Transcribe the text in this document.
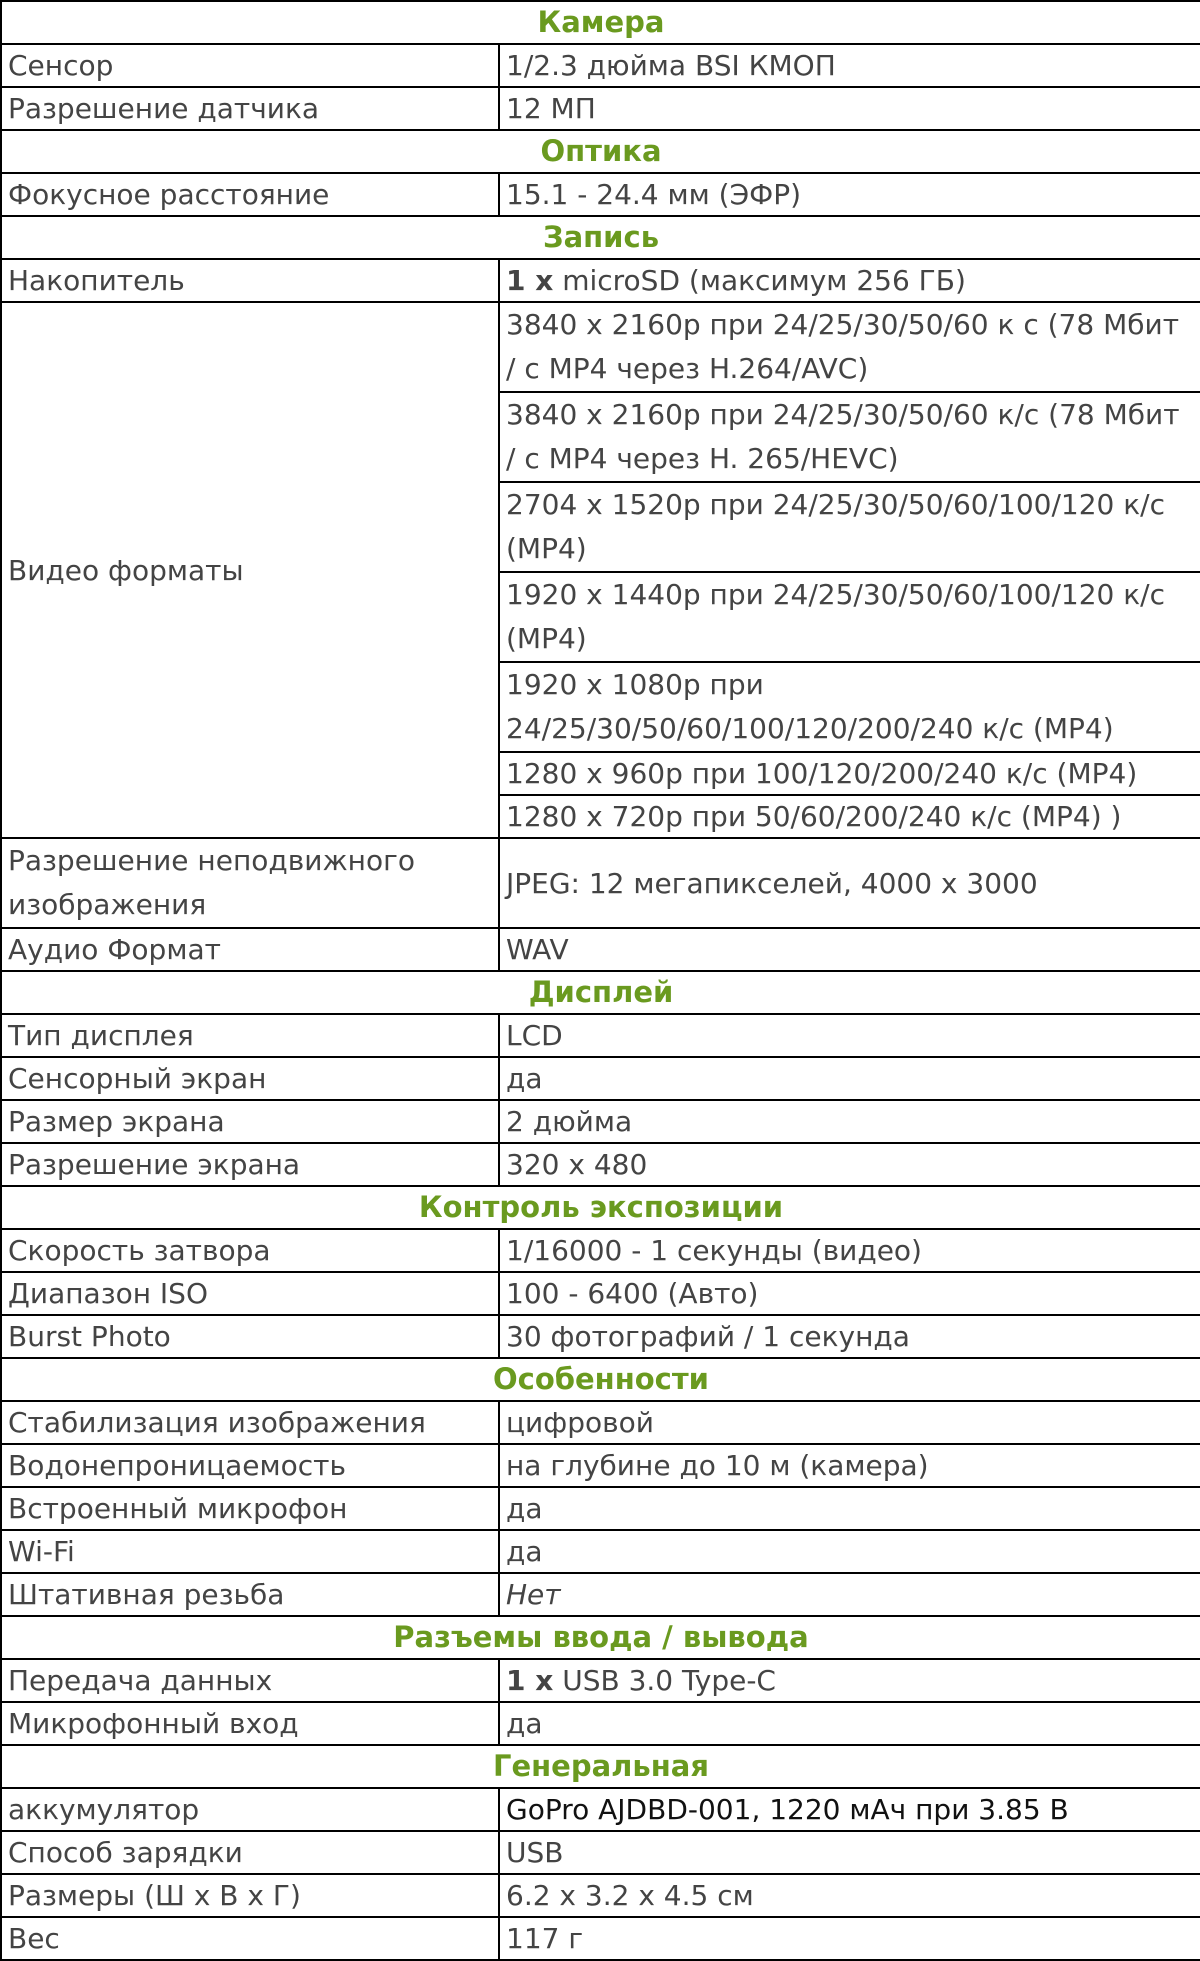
Камера	
Сенсор	1/2.3 дюйма BSI КМОП
Разрешение датчика	12 МП
Оптика	
Фокусное расстояние	15.1 - 24.4 мм (ЭФР)
Запись	
Накопитель	1 x microSD (максимум 256 ГБ)
Видео форматы	3840 x 2160p при 24/25/30/50/60 к с (78 Мбит / с MP4 через H.264/AVC)
	3840 x 2160p при 24/25/30/50/60 к/с (78 Мбит / с MP4 через H. 265/HEVC)
	2704 x 1520p при 24/25/30/50/60/100/120 к/с (MP4)
	1920 x 1440p при 24/25/30/50/60/100/120 к/с (MP4)
	1920 x 1080p при 24/25/30/50/60/100/120/200/240 к/с (MP4)
	1280 x 960p при 100/120/200/240 к/с (MP4)
	1280 x 720p при 50/60/200/240 к/с (MP4) )
Разрешение неподвижного изображения	JPEG: 12 мегапикселей, 4000 x 3000
Аудио Формат	WAV
Дисплей	
Тип дисплея	LCD
Сенсорный экран	да
Размер экрана	2 дюйма
Разрешение экрана	320 x 480
Контроль экспозиции	
Скорость затвора	1/16000 - 1 секунды (видео)
Диапазон ISO	100 - 6400 (Авто)
Burst Photo	30 фотографий / 1 секунда
Особенности	
Стабилизация изображения	цифровой
Водонепроницаемость	на глубине до 10 м (камера)
Встроенный микрофон	да
Wi-Fi	да
Штативная резьба	Нет
Разъемы ввода / вывода	
Передача данных	1 x USB 3.0 Type-C
Микрофонный вход	да
Генеральная	
аккумулятор	GoPro AJDBD-001, 1220 мАч при 3.85 В
Способ зарядки	USB
Размеры (Ш x В x Г)	6.2 x 3.2 x 4.5 см
Вес	117 г
